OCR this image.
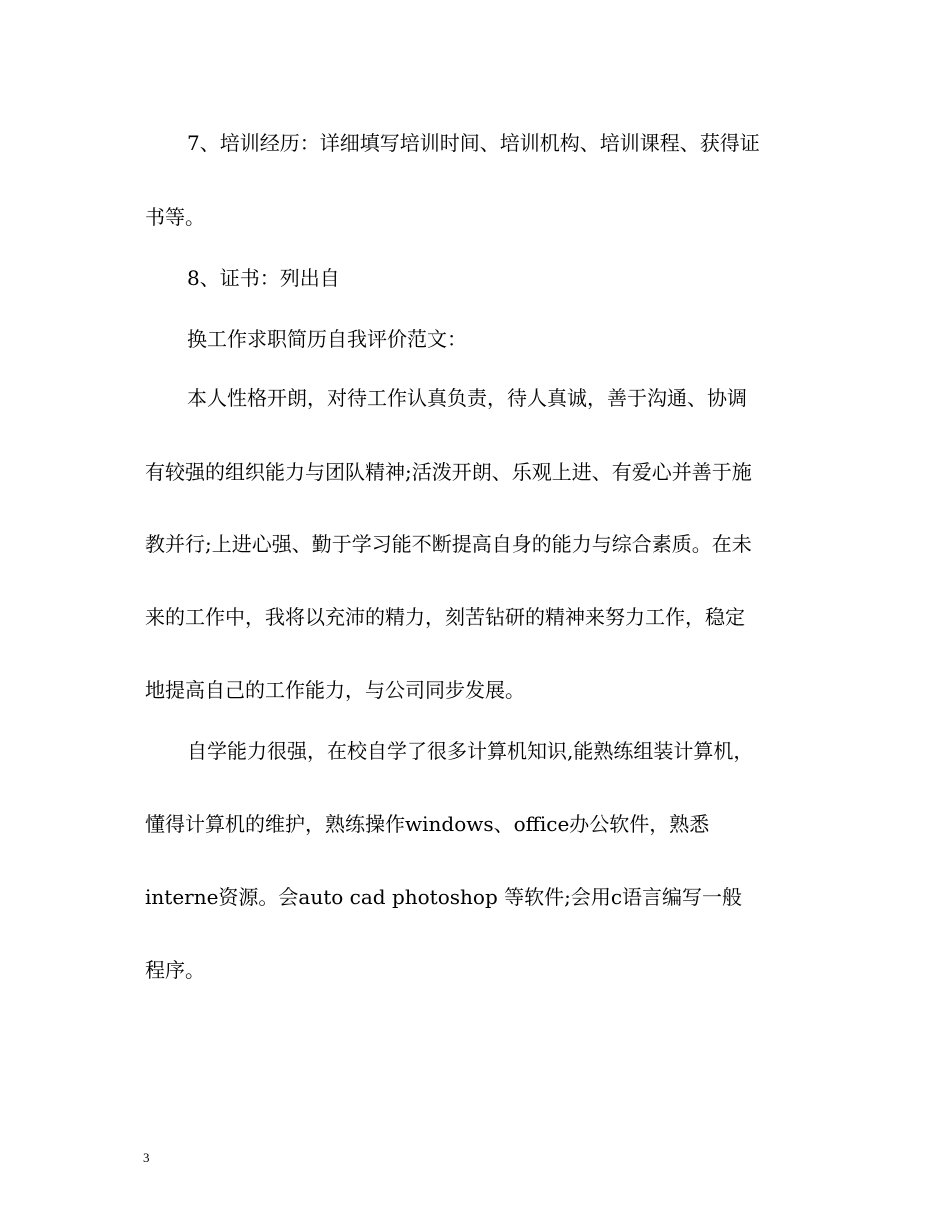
7、培训经历：详细填写培训时间、培训机构、培训课程、获得证
书等。
8、证书：列出自
换工作求职简历自我评价范文：
本人性格开朗，对待工作认真负责，待人真诚，善于沟通、协调
有较强的组织能力与团队精神;活泼开朗、乐观上进、有爱心并善于施
教并行;上进心强、勤于学习能不断提高自身的能力与综合素质。在未
来的工作中，我将以充沛的精力，刻苦钻研的精神来努力工作，稳定
地提高自己的工作能力，与公司同步发展。
自学能力很强，在校自学了很多计算机知识,能熟练组装计算机，
懂得计算机的维护，熟练操作windows、office办公软件，熟悉
interne资源。会auto cad photoshop 等软件;会用c语言编写一般
程序。
3
